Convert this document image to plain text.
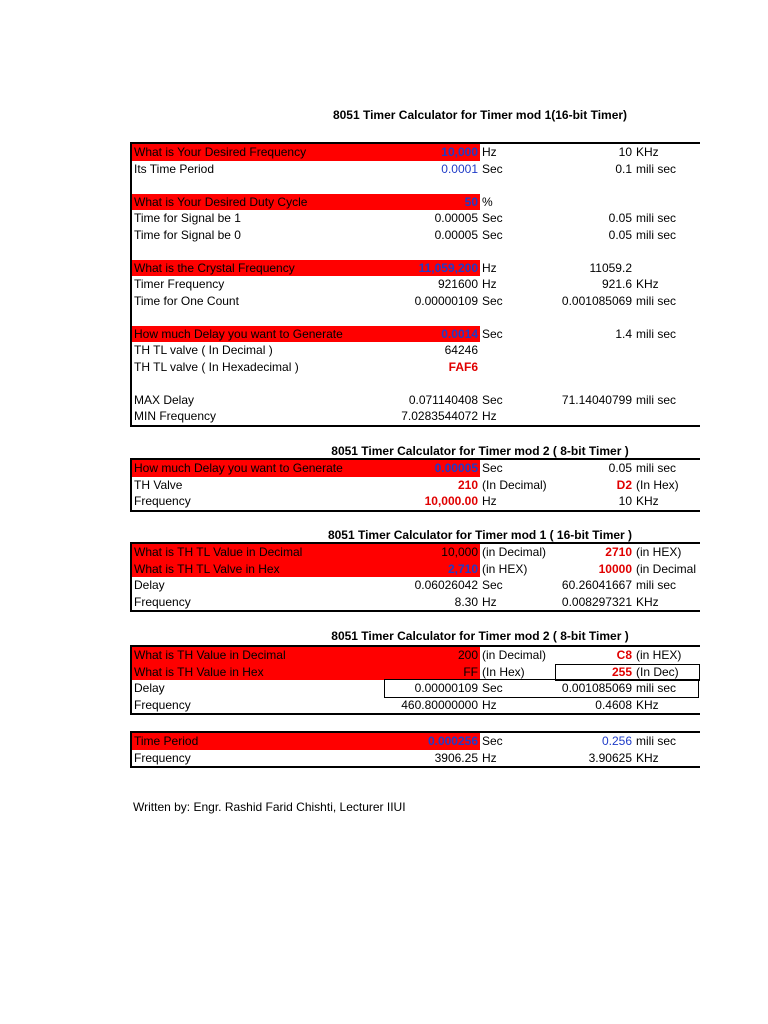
8051 Timer Calculator for Timer mod 1(16-bit Timer)
What is Your Desired Frequency	10,000 Hz	10 KHz
Its Time Period	0.0001 Sec	0.1 mili sec
What is Your Desired Duty Cycle	50 %
Time for Signal be 1	0.00005 Sec	0.05 mili sec
Time for Signal be 0	0.00005 Sec	0.05 mili sec
What is the Crystal Frequency	11,059,200 Hz	11059.2
Timer Frequency	921600 Hz	921.6 KHz
Time for One Count	0.00000109 Sec	0.001085069 mili sec
How much Delay you want to Generate	0.0014 Sec	1.4 mili sec
TH TL valve ( In Decimal )	64246
TH TL valve ( In Hexadecimal )	FAF6
MAX Delay	0.071140408 Sec	71.14040799 mili sec
MIN Frequency	7.0283544072 Hz
8051 Timer Calculator for Timer mod 2 ( 8-bit Timer )
How much Delay you want to Generate	0.00005 Sec	0.05 mili sec
TH Valve	210 (In Decimal)	D2 (In Hex)
Frequency	10,000.00 Hz	10 KHz
8051 Timer Calculator for Timer mod 1 ( 16-bit Timer )
What is TH TL Value in Decimal	10,000 (in Decimal)	2710 (in HEX)
What is TH TL Valve in Hex	2,710 (in HEX)	10000 (in Decimal
Delay	0.06026042 Sec	60.26041667 mili sec
Frequency	8.30 Hz	0.008297321 KHz
8051 Timer Calculator for Timer mod 2 ( 8-bit Timer )
What is TH Value in Decimal	200 (in Decimal)	C8 (in HEX)
What is TH Value in Hex	FF (In Hex)	255 (In Dec)
Delay	0.00000109 Sec	0.001085069 mili sec
Frequency	460.80000000 Hz	0.4608 KHz
Time Period	0.000256 Sec	0.256 mili sec
Frequency	3906.25 Hz	3.90625 KHz
Written by: Engr. Rashid Farid Chishti, Lecturer IIUI
